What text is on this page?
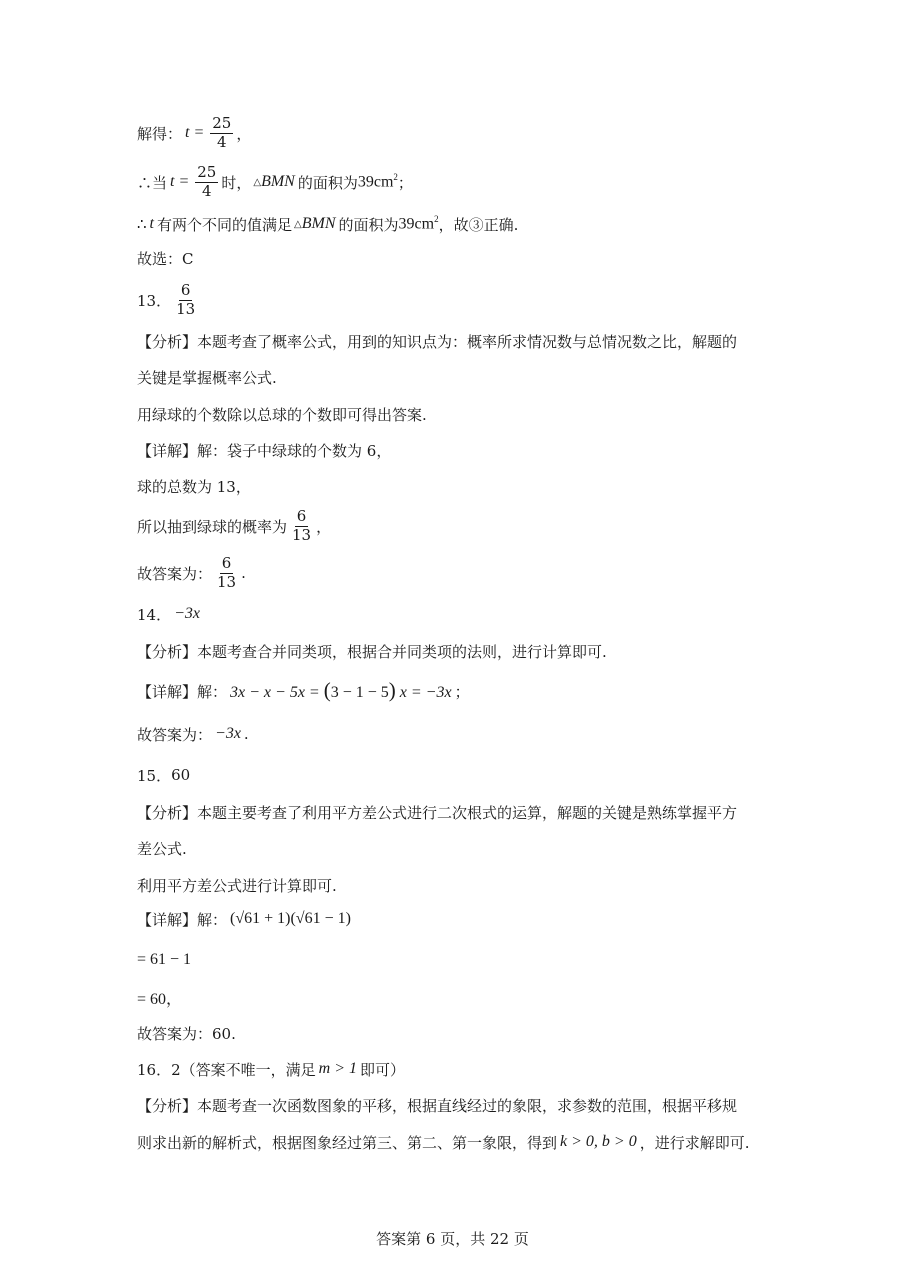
解得： $t = \frac{25}{4}$ ，
∴当 $t = \frac{25}{4}$ 时， △ BMN 的面积为 $39cm^2$ ；
∴ t 有两个不同的值满足 △ BMN 的面积为 $39cm^2$ ，故③正确.
故选：C
13． $\frac{6}{13}$
【分析】本题考查了概率公式，用到的知识点为：概率所求情况数与总情况数之比，解题的
关键是掌握概率公式.
用绿球的个数除以总球的个数即可得出答案.
【详解】解：袋子中绿球的个数为 6，
球的总数为 13，
所以抽到绿球的概率为 $\frac{6}{13}$ ，
故答案为： $\frac{6}{13}$ .
14． −3x
【分析】本题考查合并同类项，根据合并同类项的法则，进行计算即可.
【详解】解： 3x − x − 5x = (3 − 1 − 5) x = −3x ；
故答案为： −3x .
15． 60
【分析】本题主要考查了利用平方差公式进行二次根式的运算，解题的关键是熟练掌握平方
差公式.
利用平方差公式进行计算即可.
【详解】解： (√61 + 1)(√61 − 1)
= 61 − 1
= 60，
故答案为：60.
16．2（答案不唯一，满足 m > 1 即可）
【分析】本题考查一次函数图象的平移，根据直线经过的象限，求参数的范围，根据平移规
则求出新的解析式，根据图象经过第三、第二、第一象限，得到 k > 0, b > 0 ，进行求解即可.
答案第 6 页，共 22 页
